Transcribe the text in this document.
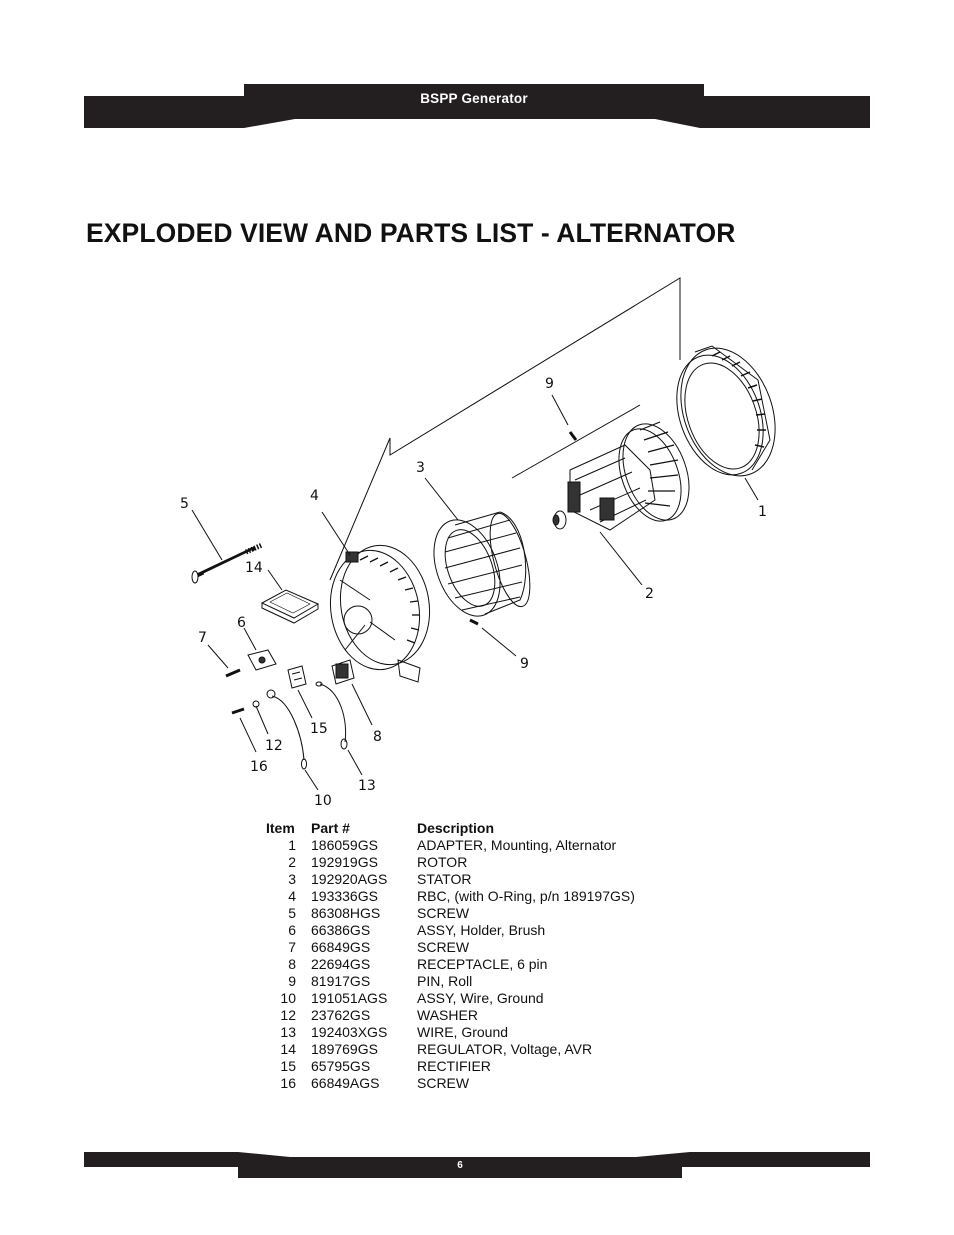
BSPP Generator
EXPLODED VIEW AND PARTS LIST - ALTERNATOR
1
2
3
4
5
6
7
8
9
9
10
12
13
14
15
16
Item	Part #	Description
1	186059GS	ADAPTER, Mounting, Alternator
2	192919GS	ROTOR
3	192920AGS	STATOR
4	193336GS	RBC, (with O-Ring, p/n 189197GS)
5	86308HGS	SCREW
6	66386GS	ASSY, Holder, Brush
7	66849GS	SCREW
8	22694GS	RECEPTACLE, 6 pin
9	81917GS	PIN, Roll
10	191051AGS	ASSY, Wire, Ground
12	23762GS	WASHER
13	192403XGS	WIRE, Ground
14	189769GS	REGULATOR, Voltage, AVR
15	65795GS	RECTIFIER
16	66849AGS	SCREW
6
